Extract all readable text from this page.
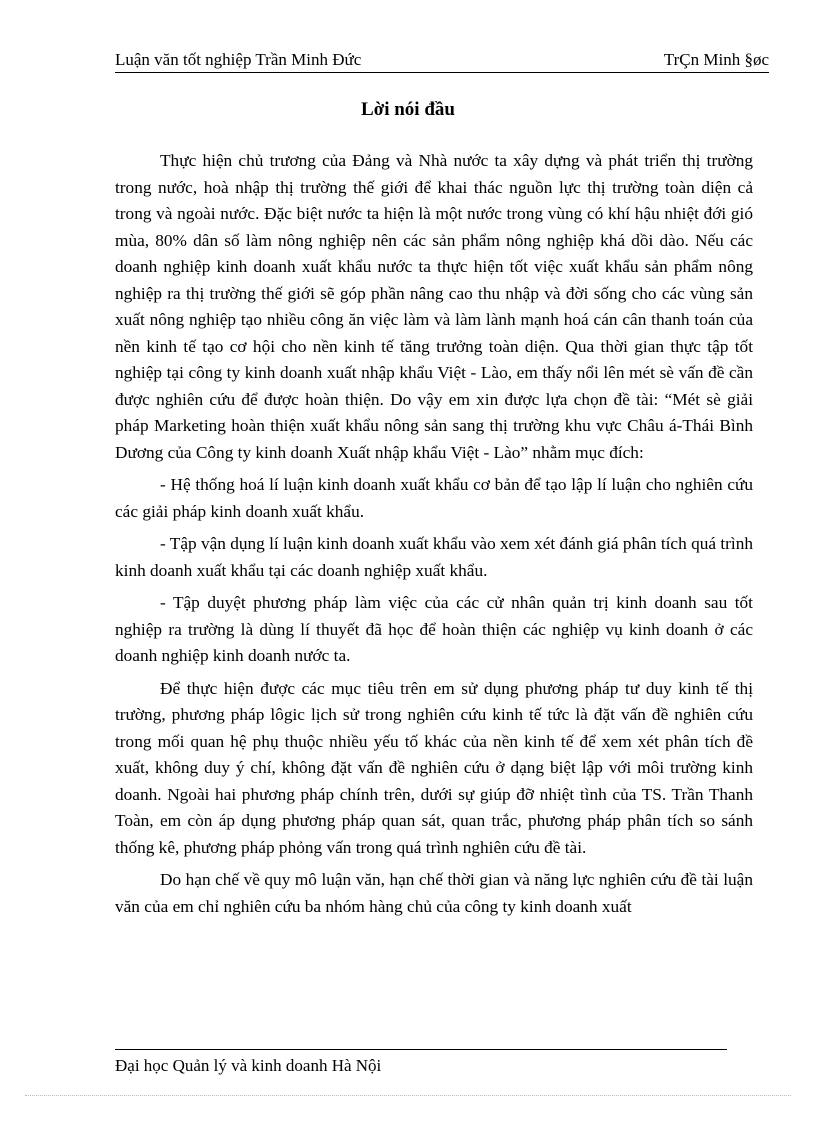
Luận văn tốt nghiệp Trần Minh Đức	TrÇn Minh §øc
Lời nói đầu

Thực hiện chủ trương của Đảng và Nhà nước ta xây dựng và phát triển thị trường trong nước, hoà nhập thị trường thế giới để khai thác nguồn lực thị trường toàn diện cả trong và ngoài nước. Đặc biệt nước ta hiện là một nước trong vùng có khí hậu nhiệt đới gió mùa, 80% dân số làm nông nghiệp nên các sản phẩm nông nghiệp khá dồi dào. Nếu các doanh nghiệp kinh doanh xuất khẩu nước ta thực hiện tốt việc xuất khẩu sản phẩm nông nghiệp ra thị trường thế giới sẽ góp phần nâng cao thu nhập và đời sống cho các vùng sản xuất nông nghiệp tạo nhiều công ăn việc làm và làm lành mạnh hoá cán cân thanh toán của nền kinh tế tạo cơ hội cho nền kinh tế tăng trưởng toàn diện. Qua thời gian thực tập tốt nghiệp tại công ty kinh doanh xuất nhập khẩu Việt - Lào, em thấy nổi lên mét sè vấn đề cần được nghiên cứu để được hoàn thiện. Do vậy em xin được lựa chọn đề tài: “Mét sè giải pháp Marketing hoàn thiện xuất khẩu nông sản sang thị trường khu vực Châu á-Thái Bình Dương của Công ty kinh doanh Xuất nhập khẩu Việt - Lào” nhằm mục đích:

- Hệ thống hoá lí luận kinh doanh xuất khẩu cơ bản để tạo lập lí luận cho nghiên cứu các giải pháp kinh doanh xuất khẩu.

- Tập vận dụng lí luận kinh doanh xuất khẩu vào xem xét đánh giá phân tích quá trình kinh doanh xuất khẩu tại các doanh nghiệp xuất khẩu.

- Tập duyệt phương pháp làm việc của các cử nhân quản trị kinh doanh sau tốt nghiệp ra trường là dùng lí thuyết đã học để hoàn thiện các nghiệp vụ kinh doanh ở các doanh nghiệp kinh doanh nước ta.

Để thực hiện được các mục tiêu trên em sử dụng phương pháp tư duy kinh tế thị trường, phương pháp lôgic lịch sử trong nghiên cứu kinh tế tức là đặt vấn đề nghiên cứu trong mối quan hệ phụ thuộc nhiều yếu tố khác của nền kinh tế để xem xét phân tích đề xuất, không duy ý chí, không đặt vấn đề nghiên cứu ở dạng biệt lập với môi trường kinh doanh. Ngoài hai phương pháp chính trên, dưới sự giúp đỡ nhiệt tình của TS. Trần Thanh Toàn, em còn áp dụng phương pháp quan sát, quan trắc, phương pháp phân tích so sánh thống kê, phương pháp phỏng vấn trong quá trình nghiên cứu đề tài.

Do hạn chế về quy mô luận văn, hạn chế thời gian và năng lực nghiên cứu đề tài luận văn của em chỉ nghiên cứu ba nhóm hàng chủ của công ty kinh doanh xuất

Đại học Quản lý và kinh doanh Hà Nội
